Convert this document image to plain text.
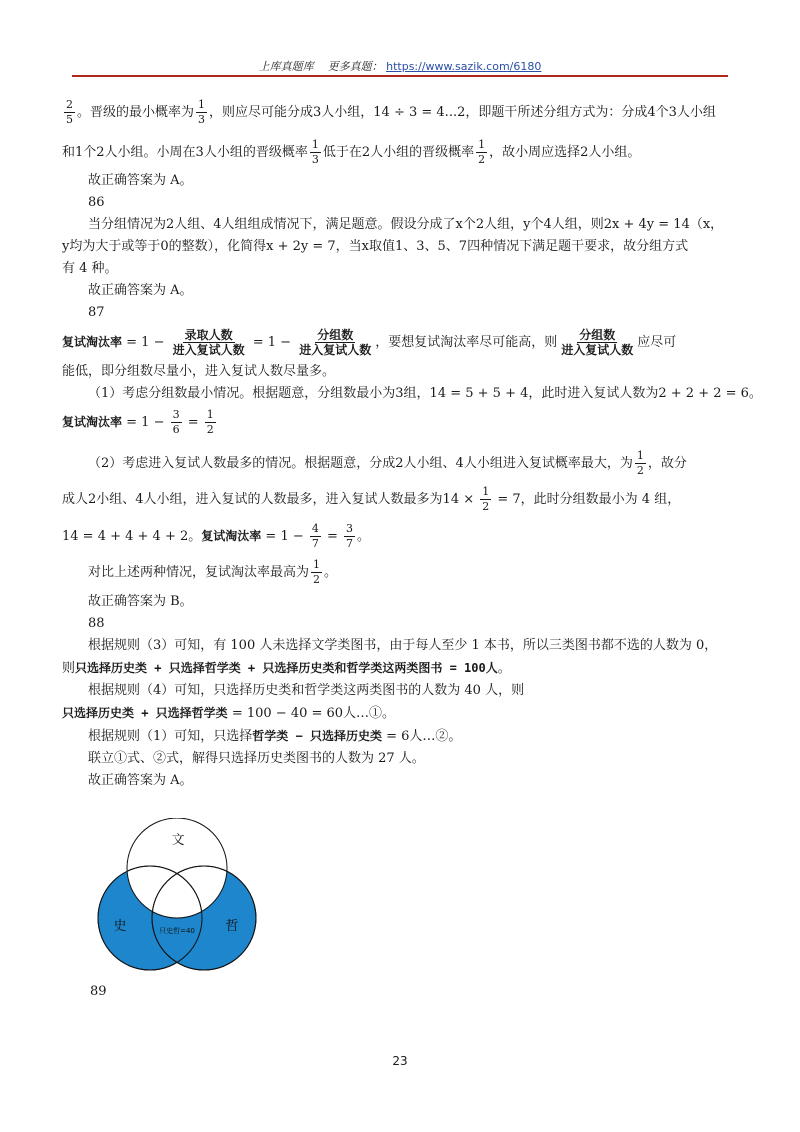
上库真题库 更多真题： https://www.sazik.com/6180

$\frac{2}{5}$ 。晋级的最小概率为 $\frac{1}{3}$ ，则应尽可能分成3人小组，14 ÷ 3 = 4...2，即题干所述分组方式为：分成4个3人小组

和1个2人小组。小周在3人小组的晋级概率 $\frac{1}{3}$ 低于在2人小组的晋级概率 $\frac{1}{2}$ ，故小周应选择2人小组。

故正确答案为 A。

86

当分组情况为2人组、4人组组成情况下，满足题意。假设分成了x个2人组，y个4人组，则2x + 4y = 14（x，

y均为大于或等于0的整数），化简得x + 2y = 7，当x取值1、3、5、7四种情况下满足题干要求，故分组方式

有 4 种。

故正确答案为 A。

87

复试淘汰率 = $1 - \frac{\text{录取人数}}{\text{进入复试人数}} = 1 - \frac{\text{分组数}}{\text{进入复试人数}}$ ，要想复试淘汰率尽可能高，则 $\frac{\text{分组数}}{\text{进入复试人数}}$ 应尽可

能低，即分组数尽量小，进入复试人数尽量多。

（1）考虑分组数最小情况。根据题意，分组数最小为3组，14 = 5 + 5 + 4，此时进入复试人数为2 + 2 + 2 = 6。

复试淘汰率 = $1 - \frac{3}{6} = \frac{1}{2}$

（2）考虑进入复试人数最多的情况。根据题意，分成2人小组、4人小组进入复试概率最大，为 $\frac{1}{2}$ ，故分

成人2小组、4人小组，进入复试的人数最多，进入复试人数最多为$14 \times \frac{1}{2} = 7$，此时分组数最小为 4 组，

14 = 4 + 4 + 4 + 2。复试淘汰率 = $1 - \frac{4}{7} = \frac{3}{7}$ 。

对比上述两种情况，复试淘汰率最高为 $\frac{1}{2}$ 。

故正确答案为 B。

88

根据规则（3）可知，有 100 人未选择文学类图书，由于每人至少 1 本书，所以三类图书都不选的人数为 0，

则只选择历史类 + 只选择哲学类 + 只选择历史类和哲学类这两类图书 = 100人。

根据规则（4）可知，只选择历史类和哲学类这两类图书的人数为 40 人，则

只选择历史类 + 只选择哲学类 = 100 − 40 = 60人…①。

根据规则（1）可知，只选择哲学类 − 只选择历史类 = 6人…②。

联立①式、②式，解得只选择历史类图书的人数为 27 人。

故正确答案为 A。

文
史	哲
只史哲=40
89
23
